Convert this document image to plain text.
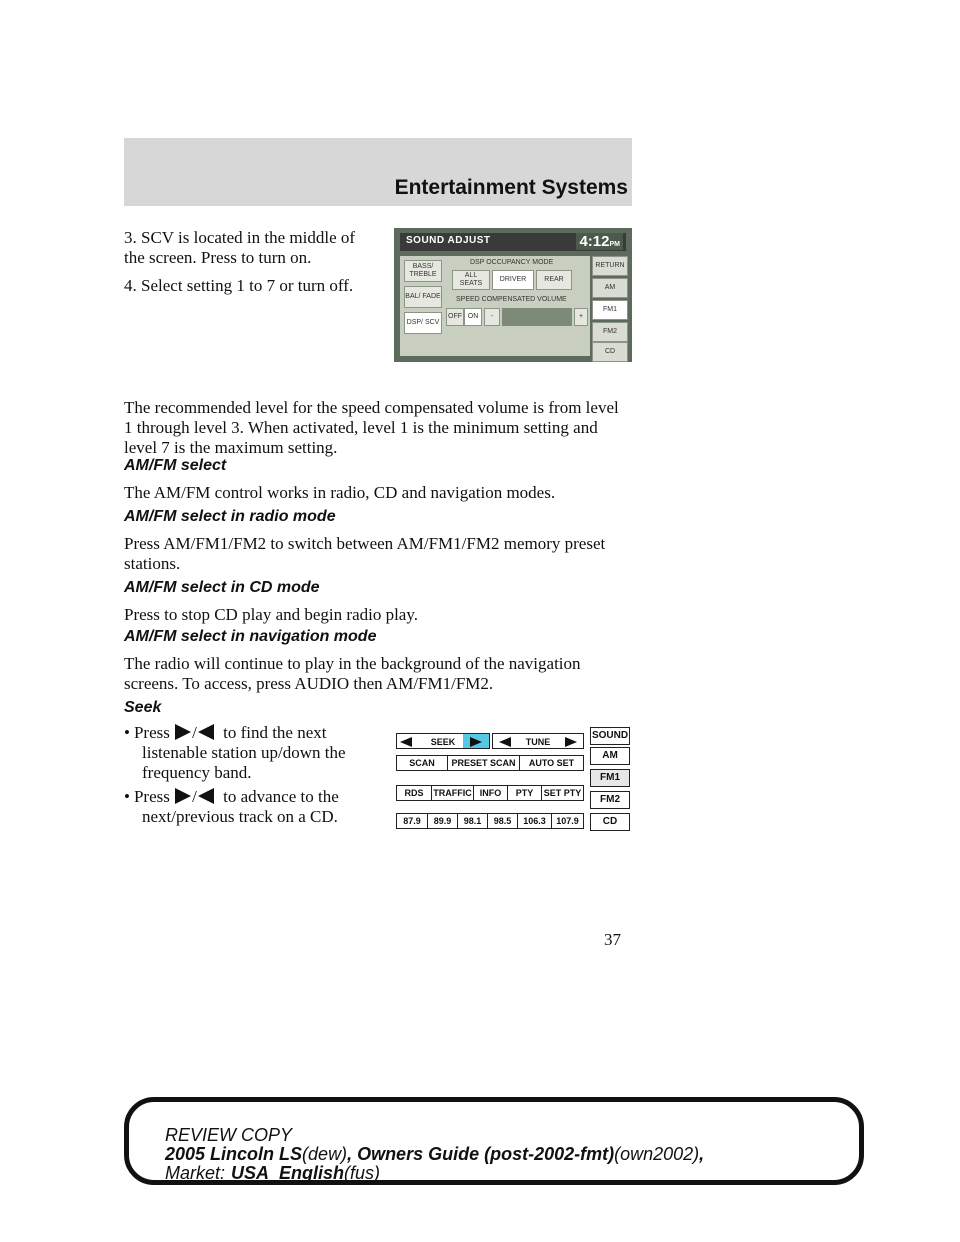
Entertainment Systems

3. SCV is located in the middle of

the screen. Press to turn on.

4. Select setting 1 to 7 or turn off.

SOUND ADJUST	4:12PM
BASS/ TREBLE
BAL/ FADE
DSP/ SCV
DSP OCCUPANCY MODE
ALL SEATS
DRIVER	REAR
SPEED COMPENSATED VOLUME
OFF ON	-	+
RETURN
AM
FM1
FM2
CD

The recommended level for the speed compensated volume is from level

1 through level 3. When activated, level 1 is the minimum setting and

level 7 is the maximum setting.

AM/FM select

The AM/FM control works in radio, CD and navigation modes.

AM/FM select in radio mode

Press AM/FM1/FM2 to switch between AM/FM1/FM2 memory preset

stations.

AM/FM select in CD mode

Press to stop CD play and begin radio play.

AM/FM select in navigation mode

The radio will continue to play in the background of the navigation

screens. To access, press AUDIO then AM/FM1/FM2.

Seek

• Press / to find the next

listenable station up/down the

frequency band.

• Press / to advance to the

next/previous track on a CD.

SEEK	TUNE
SCAN	PRESET SCAN	AUTO SET
RDS	TRAFFIC INFO	PTY	SET PTY
87.9	89.9	98.1	98.5	106.3	107.9
SOUND
AM
FM1
FM2
CD
37

REVIEW COPY

2005 Lincoln LS(dew), Owners Guide (post-2002-fmt)(own2002),

Market: USA_English(fus)
